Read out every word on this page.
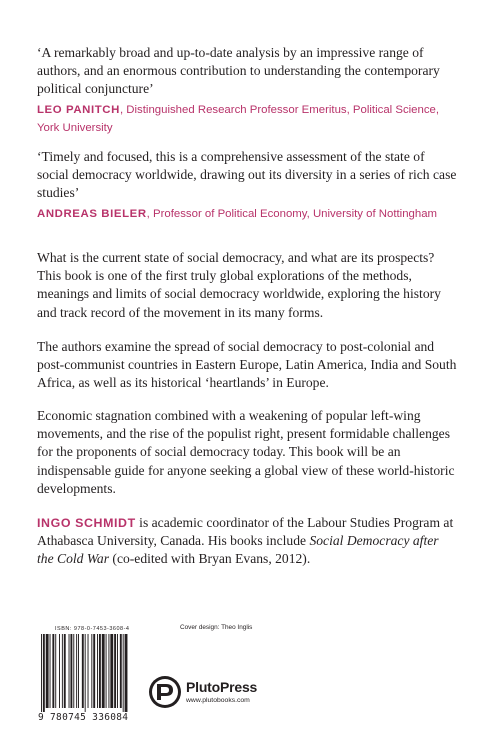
‘A remarkably broad and up-to-date analysis by an impressive range of authors, and an enormous contribution to understanding the contemporary political conjuncture’

LEO PANITCH, Distinguished Research Professor Emeritus, Political Science, York University

‘Timely and focused, this is a comprehensive assessment of the state of social democracy worldwide, drawing out its diversity in a series of rich case studies’

ANDREAS BIELER, Professor of Political Economy, University of Nottingham

What is the current state of social democracy, and what are its prospects? This book is one of the first truly global explorations of the methods, meanings and limits of social democracy worldwide, exploring the history and track record of the movement in its many forms.

The authors examine the spread of social democracy to post-colonial and post-communist countries in Eastern Europe, Latin America, India and South Africa, as well as its historical ‘heartlands’ in Europe.

Economic stagnation combined with a weakening of popular left-wing movements, and the rise of the populist right, present formidable challenges for the proponents of social democracy today. This book will be an indispensable guide for anyone seeking a global view of these world-historic developments.

INGO SCHMIDT is academic coordinator of the Labour Studies Program at Athabasca University, Canada. His books include Social Democracy after the Cold War (co-edited with Bryan Evans, 2012).

ISBN: 978-0-7453-3608-4
9 780745 336084
Cover design: Theo Inglis
PlutoPress
www.plutobooks.com
